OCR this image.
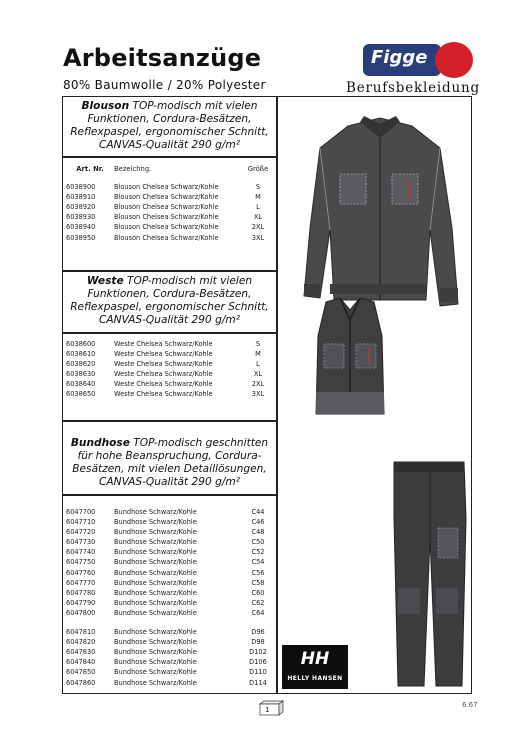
Arbeitsanzüge
80% Baumwolle / 20% Polyester
Figge
Berufsbekleidung
Blouson TOP-modisch mit vielen
Funktionen, Cordura-Besätzen,
Reflexpaspel, ergonomischer Schnitt,
CANVAS-Qualität 290 g/m²
Art. Nr.	Bezeichng.	Größe
6038900	Blouson Chelsea Schwarz/Kohle	S
6038910	Blouson Chelsea Schwarz/Kohle	M
6038920	Blouson Chelsea Schwarz/Kohle	L
6038930	Blouson Chelsea Schwarz/Kohle	XL
6038940	Blouson Chelsea Schwarz/Kohle	2XL
6038950	Blouson Chelsea Schwarz/Kohle	3XL
Weste TOP-modisch mit vielen
Funktionen, Cordura-Besätzen,
Reflexpaspel, ergonomischer Schnitt,
CANVAS-Qualität 290 g/m²
6038600	Weste Chelsea Schwarz/Kohle	S
6038610	Weste Chelsea Schwarz/Kohle	M
6038620	Weste Chelsea Schwarz/Kohle	L
6038630	Weste Chelsea Schwarz/Kohle	XL
6038640	Weste Chelsea Schwarz/Kohle	2XL
6038650	Weste Chelsea Schwarz/Kohle	3XL
Bundhose TOP-modisch geschnitten
für hohe Beanspruchung, Cordura-
Besätzen, mit vielen Detaillösungen,
CANVAS-Qualität 290 g/m²
6047700	Bundhose Schwarz/Kohle	C44
6047710	Bundhose Schwarz/Kohle	C46
6047720	Bundhose Schwarz/Kohle	C48
6047730	Bundhose Schwarz/Kohle	C50
6047740	Bundhose Schwarz/Kohle	C52
6047750	Bundhose Schwarz/Kohle	C54
6047760	Bundhose Schwarz/Kohle	C56
6047770	Bundhose Schwarz/Kohle	C58
6047780	Bundhose Schwarz/Kohle	C60
6047790	Bundhose Schwarz/Kohle	C62
6047800	Bundhose Schwarz/Kohle	C64
6047810	Bundhose Schwarz/Kohle	D96
6047820	Bundhose Schwarz/Kohle	D98
6047830	Bundhose Schwarz/Kohle	D102
6047840	Bundhose Schwarz/Kohle	D106
6047850	Bundhose Schwarz/Kohle	D110
6047860	Bundhose Schwarz/Kohle	D114
HH
HELLY HANSEN
1
6.67
